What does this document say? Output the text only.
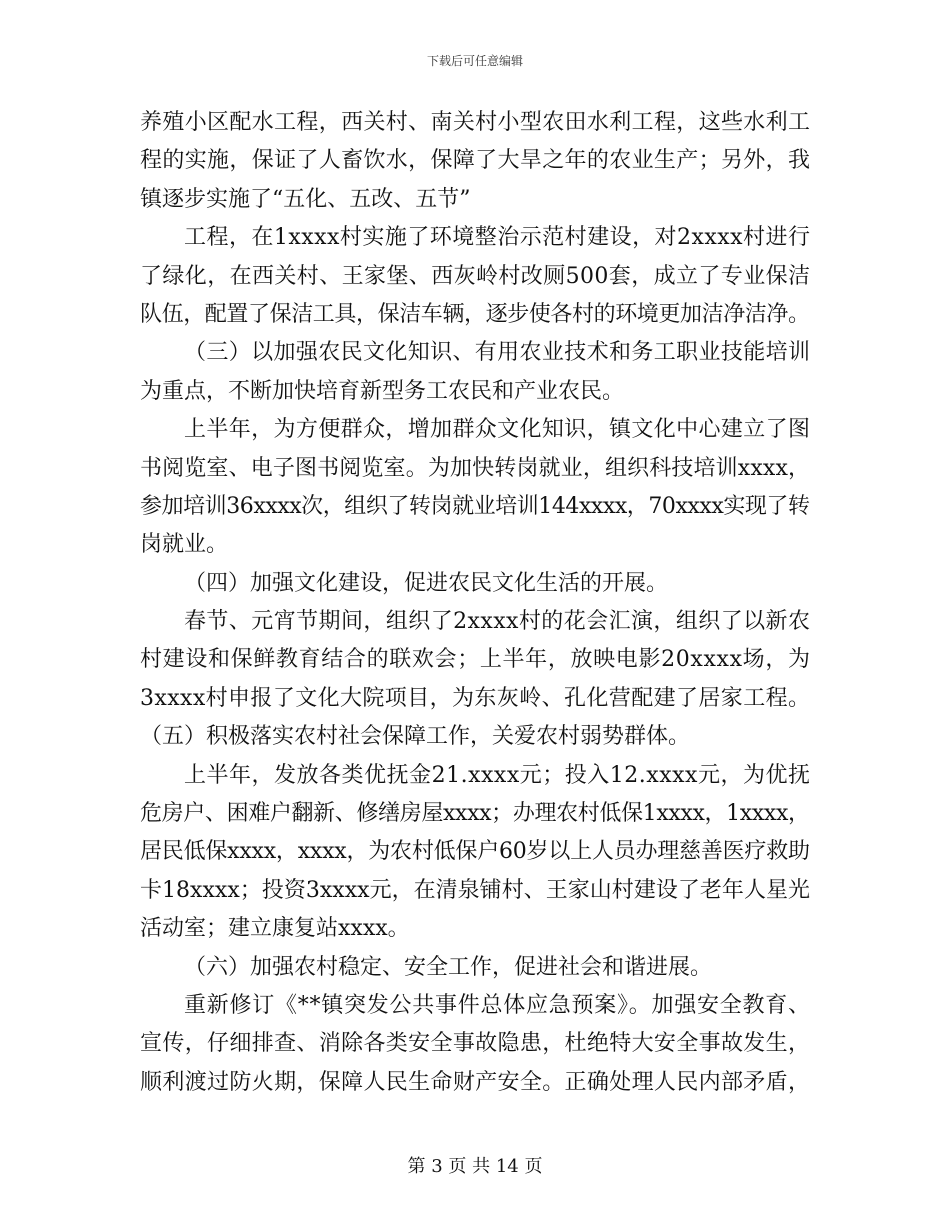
下载后可任意编辑
养殖小区配水工程，西关村、南关村小型农田水利工程，这些水利工
程的实施，保证了人畜饮水，保障了大旱之年的农业生产；另外，我
镇逐步实施了“五化、五改、五节”
工程，在1xxxx村实施了环境整治示范村建设，对2xxxx村进行
了绿化，在西关村、王家堡、西灰岭村改厕500套，成立了专业保洁
队伍，配置了保洁工具，保洁车辆，逐步使各村的环境更加洁净洁净。
（三）以加强农民文化知识、有用农业技术和务工职业技能培训
为重点，不断加快培育新型务工农民和产业农民。
上半年，为方便群众，增加群众文化知识，镇文化中心建立了图
书阅览室、电子图书阅览室。为加快转岗就业，组织科技培训xxxx，
参加培训36xxxx次，组织了转岗就业培训144xxxx，70xxxx实现了转
岗就业。
（四）加强文化建设，促进农民文化生活的开展。
春节、元宵节期间，组织了2xxxx村的花会汇演，组织了以新农
村建设和保鲜教育结合的联欢会；上半年，放映电影20xxxx场，为
3xxxx村申报了文化大院项目，为东灰岭、孔化营配建了居家工程。
（五）积极落实农村社会保障工作，关爱农村弱势群体。
上半年，发放各类优抚金21.xxxx元；投入12.xxxx元，为优抚
危房户、困难户翻新、修缮房屋xxxx；办理农村低保1xxxx，1xxxx，
居民低保xxxx，xxxx，为农村低保户60岁以上人员办理慈善医疗救助
卡18xxxx；投资3xxxx元，在清泉铺村、王家山村建设了老年人星光
活动室；建立康复站xxxx。
（六）加强农村稳定、安全工作，促进社会和谐进展。
重新修订《**镇突发公共事件总体应急预案》。加强安全教育、
宣传，仔细排查、消除各类安全事故隐患，杜绝特大安全事故发生，
顺利渡过防火期，保障人民生命财产安全。正确处理人民内部矛盾，
第 3 页 共 14 页
